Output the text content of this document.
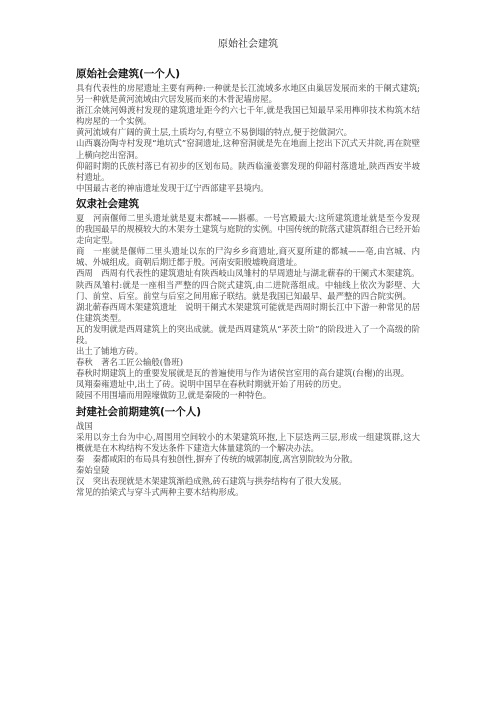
原始社会建筑
原始社会建筑(一个人)

具有代表性的房屋遗址主要有两种:一种就是长江流域多水地区由巢居发展而来的干阑式建筑;另一种就是黄河流域由穴居发展而来的木骨泥墙房屋。

浙江余姚河姆渡村发现的建筑遗址距今约六七千年,就是我国已知最早采用榫卯技术构筑木结构房屋的一个实例。

黄河流域有广阔的黄土层,土质均匀,有壁立不易倒塌的特点,便于挖做洞穴。

山西襄汾陶寺村发现“地坑式”窑洞遗址,这种窑洞就是先在地面上挖出下沉式天井院,再在院壁上横向挖出窑洞。

仰韶时期的氏族村落已有初步的区划布局。陕西临潼姜寨发现的仰韶村落遗址,陕西西安半坡村遗址。

中国最古老的神庙遗址发现于辽宁西部建平县境内。

奴隶社会建筑

夏　河南偃师二里头遗址就是夏末都城——斟鄩。一号宫殿最大:这所建筑遗址就是至今发现的我国最早的规模较大的木架夯土建筑与庭院的实例。中国传统的院落式建筑群组合已经开始走向定型。

商　一座就是偃师二里头遗址以东的尸沟乡乡商遗址,商灭夏所建的都城——亳,由宫城、内城、外城组成。商朝后期迁都于殷。河南安阳殷墟晚商遗址。

西周　西周有代表性的建筑遗址有陕西岐山凤雏村的早周遗址与湖北蕲春的干阑式木架建筑。

陕西凤雏村:就是一座相当严整的四合院式建筑,由二进院落组成。中轴线上依次为影壁、大门、前堂、后室。前堂与后室之间用廊子联结。就是我国已知最早、最严整的四合院实例。

湖北蕲春西周木架建筑遗址　说明干阑式木架建筑可能就是西周时期长江中下游一种常见的居住建筑类型。

瓦的发明就是西周建筑上的突出成就。就是西周建筑从“茅茨土阶”的阶段进入了一个高级的阶段。

出土了铺地方砖。

春秋　著名工匠公输般(鲁班)

春秋时期建筑上的重要发展就是瓦的普遍使用与作为诸侯宫室用的高台建筑(台榭)的出现。

凤翔秦雍遗址中,出土了砖。说明中国早在春秋时期就开始了用砖的历史。

陵园不用围墙而用隍壕做防卫,就是秦陵的一种特色。

封建社会前期建筑(一个人)

战国

采用以夯土台为中心,周围用空间较小的木架建筑环抱,上下层迭两三层,形成一组建筑群,这大概就是在木构结构不发达条件下建造大体量建筑的一个解决办法。

秦　秦都咸阳的布局具有独创性,摒弃了传统的城郭制度,离宫别院较为分散。

秦始皇陵

汉　突出表现就是木架建筑渐趋成熟,砖石建筑与拱券结构有了很大发展。

常见的抬梁式与穿斗式两种主要木结构形成。
